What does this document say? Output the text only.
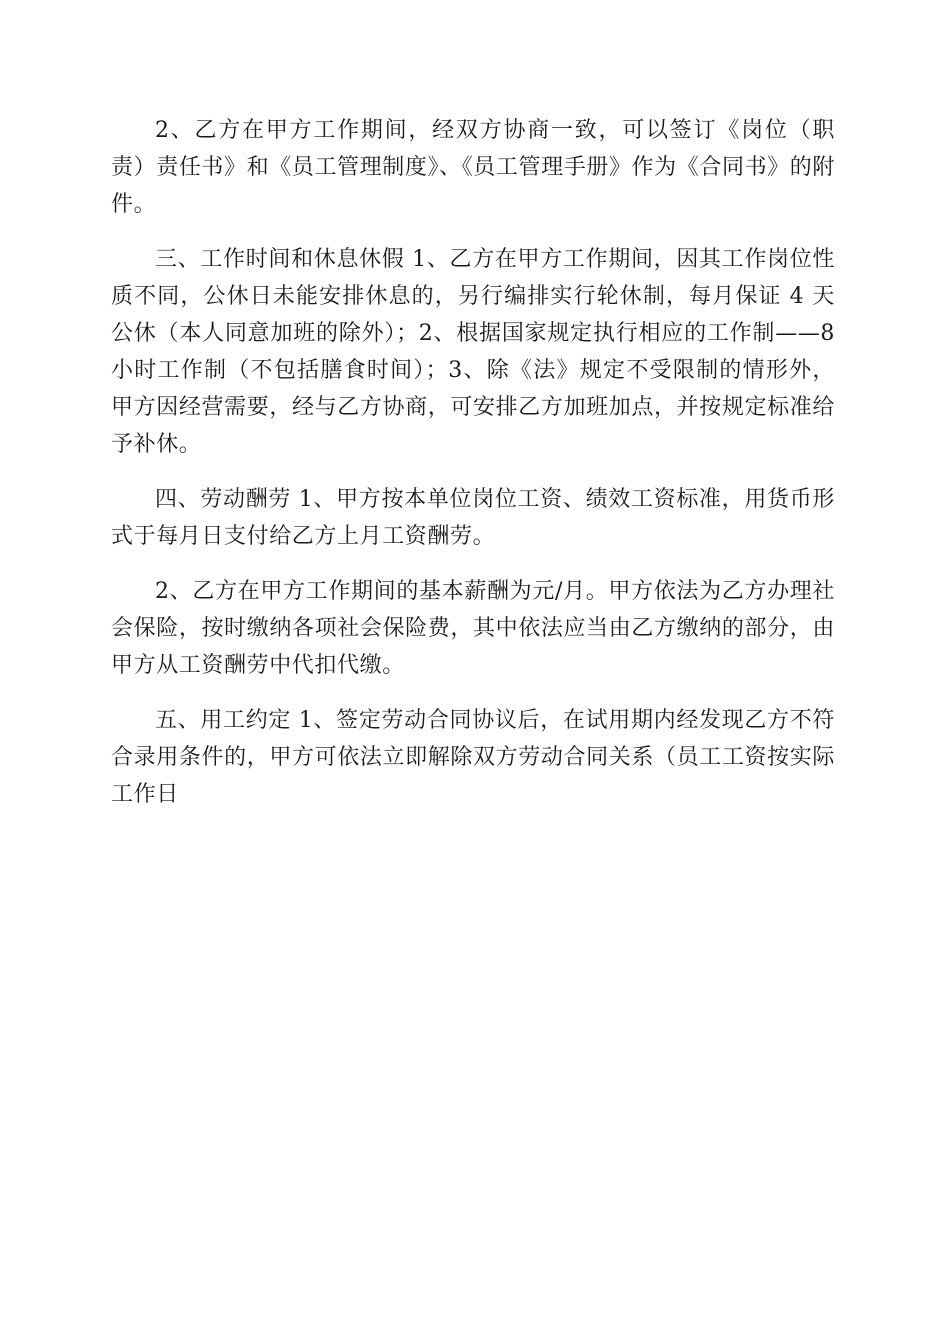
2、乙方在甲方工作期间，经双方协商一致，可以签订《岗位（职责）责任书》和《员工管理制度》、《员工管理手册》作为《合同书》的附件。

三、工作时间和休息休假 1、乙方在甲方工作期间，因其工作岗位性质不同，公休日未能安排休息的，另行编排实行轮休制，每月保证 4 天公休（本人同意加班的除外）；2、根据国家规定执行相应的工作制——8 小时工作制（不包括膳食时间）；3、除《法》规定不受限制的情形外，甲方因经营需要，经与乙方协商，可安排乙方加班加点，并按规定标准给予补休。

四、劳动酬劳 1、甲方按本单位岗位工资、绩效工资标准，用货币形式于每月日支付给乙方上月工资酬劳。

2、乙方在甲方工作期间的基本薪酬为元/月。甲方依法为乙方办理社会保险，按时缴纳各项社会保险费，其中依法应当由乙方缴纳的部分，由甲方从工资酬劳中代扣代缴。

五、用工约定 1、签定劳动合同协议后，在试用期内经发现乙方不符合录用条件的，甲方可依法立即解除双方劳动合同关系（员工工资按实际工作日
